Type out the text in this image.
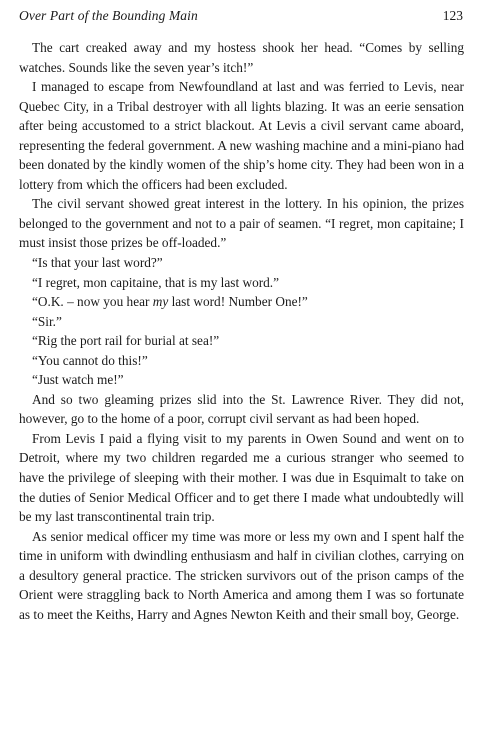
Over Part of the Bounding Main	123

The cart creaked away and my hostess shook her head. “Comes by selling watches. Sounds like the seven year’s itch!”

I managed to escape from Newfoundland at last and was ferried to Levis, near Quebec City, in a Tribal destroyer with all lights blazing. It was an eerie sensation after being accustomed to a strict blackout. At Levis a civil servant came aboard, representing the federal government. A new washing machine and a mini-piano had been donated by the kindly women of the ship’s home city. They had been won in a lottery from which the officers had been excluded.

The civil servant showed great interest in the lottery. In his opinion, the prizes belonged to the government and not to a pair of seamen. “I regret, mon capitaine; I must insist those prizes be off-loaded.”

“Is that your last word?”

“I regret, mon capitaine, that is my last word.”

“O.K. – now you hear my last word! Number One!”

“Sir.”

“Rig the port rail for burial at sea!”

“You cannot do this!”

“Just watch me!”

And so two gleaming prizes slid into the St. Lawrence River. They did not, however, go to the home of a poor, corrupt civil servant as had been hoped.

From Levis I paid a flying visit to my parents in Owen Sound and went on to Detroit, where my two children regarded me a curious stranger who seemed to have the privilege of sleeping with their mother. I was due in Esquimalt to take on the duties of Senior Medical Officer and to get there I made what undoubtedly will be my last transcontinental train trip.

As senior medical officer my time was more or less my own and I spent half the time in uniform with dwindling enthusiasm and half in civilian clothes, carrying on a desultory general practice. The stricken survivors out of the prison camps of the Orient were straggling back to North America and among them I was so fortunate as to meet the Keiths, Harry and Agnes Newton Keith and their small boy, George.
